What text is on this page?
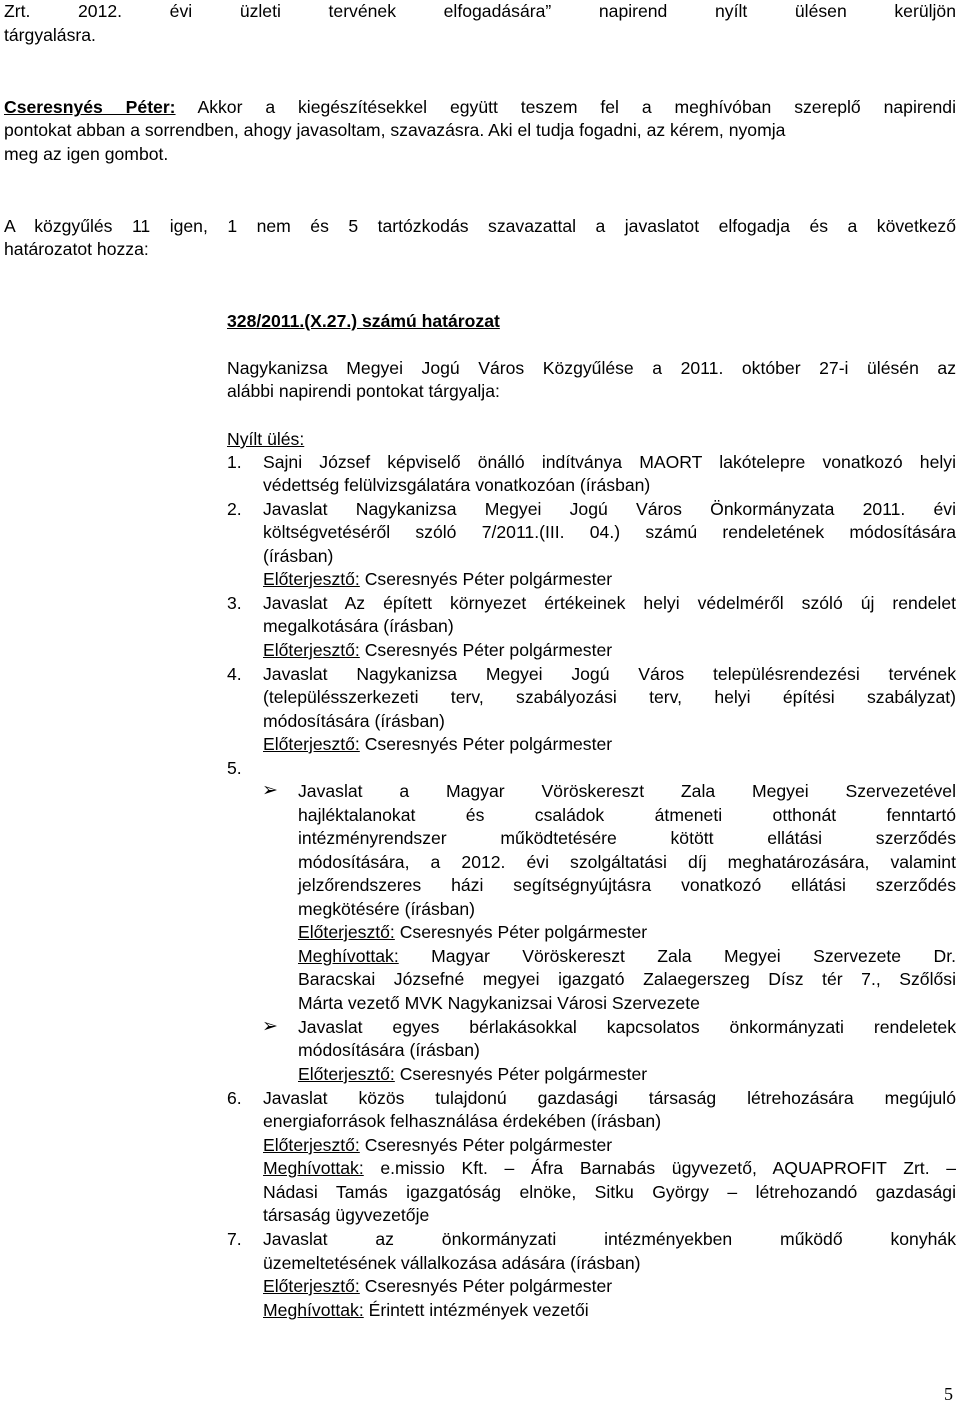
Zrt. 2012. évi üzleti tervének elfogadására” napirend nyílt ülésen kerüljön
tárgyalásra.
Cseresnyés Péter: Akkor a kiegészítésekkel együtt teszem fel a meghívóban szereplő napirendi
pontokat abban a sorrendben, ahogy javasoltam, szavazásra. Aki el tudja fogadni, az kérem, nyomja
meg az igen gombot.
A közgyűlés 11 igen, 1 nem és 5 tartózkodás szavazattal a javaslatot elfogadja és a következő
határozatot hozza:
328/2011.(X.27.) számú határozat
Nagykanizsa Megyei Jogú Város Közgyűlése a 2011. október 27-i ülésén az
alábbi napirendi pontokat tárgyalja:
Nyílt ülés:
1. Sajni József képviselő önálló indítványa MAORT lakótelepre vonatkozó helyi
védettség felülvizsgálatára vonatkozóan (írásban)
2. Javaslat Nagykanizsa Megyei Jogú Város Önkormányzata 2011. évi
költségvetéséről szóló 7/2011.(III. 04.) számú rendeletének módosítására
(írásban)
Előterjesztő: Cseresnyés Péter polgármester
3. Javaslat Az épített környezet értékeinek helyi védelméről szóló új rendelet
megalkotására (írásban)
Előterjesztő: Cseresnyés Péter polgármester
4. Javaslat Nagykanizsa Megyei Jogú Város településrendezési tervének
(településszerkezeti terv, szabályozási terv, helyi építési szabályzat)
módosítására (írásban)
Előterjesztő: Cseresnyés Péter polgármester
5.
➢ Javaslat a Magyar Vöröskereszt Zala Megyei Szervezetével
hajléktalanokat és családok átmeneti otthonát fenntartó
intézményrendszer működtetésére kötött ellátási szerződés
módosítására, a 2012. évi szolgáltatási díj meghatározására, valamint
jelzőrendszeres házi segítségnyújtásra vonatkozó ellátási szerződés
megkötésére (írásban)
Előterjesztő: Cseresnyés Péter polgármester
Meghívottak: Magyar Vöröskereszt Zala Megyei Szervezete Dr.
Baracskai Józsefné megyei igazgató Zalaegerszeg Dísz tér 7., Szőlősi
Márta vezető MVK Nagykanizsai Városi Szervezete
➢ Javaslat egyes bérlakásokkal kapcsolatos önkormányzati rendeletek
módosítására (írásban)
Előterjesztő: Cseresnyés Péter polgármester
6. Javaslat közös tulajdonú gazdasági társaság létrehozására megújuló
energiaforrások felhasználása érdekében (írásban)
Előterjesztő: Cseresnyés Péter polgármester
Meghívottak: e.missio Kft. – Áfra Barnabás ügyvezető, AQUAPROFIT Zrt. –
Nádasi Tamás igazgatóság elnöke, Sitku György – létrehozandó gazdasági
társaság ügyvezetője
7. Javaslat az önkormányzati intézményekben működő konyhák
üzemeltetésének vállalkozása adására (írásban)
Előterjesztő: Cseresnyés Péter polgármester
Meghívottak: Érintett intézmények vezetői
5
